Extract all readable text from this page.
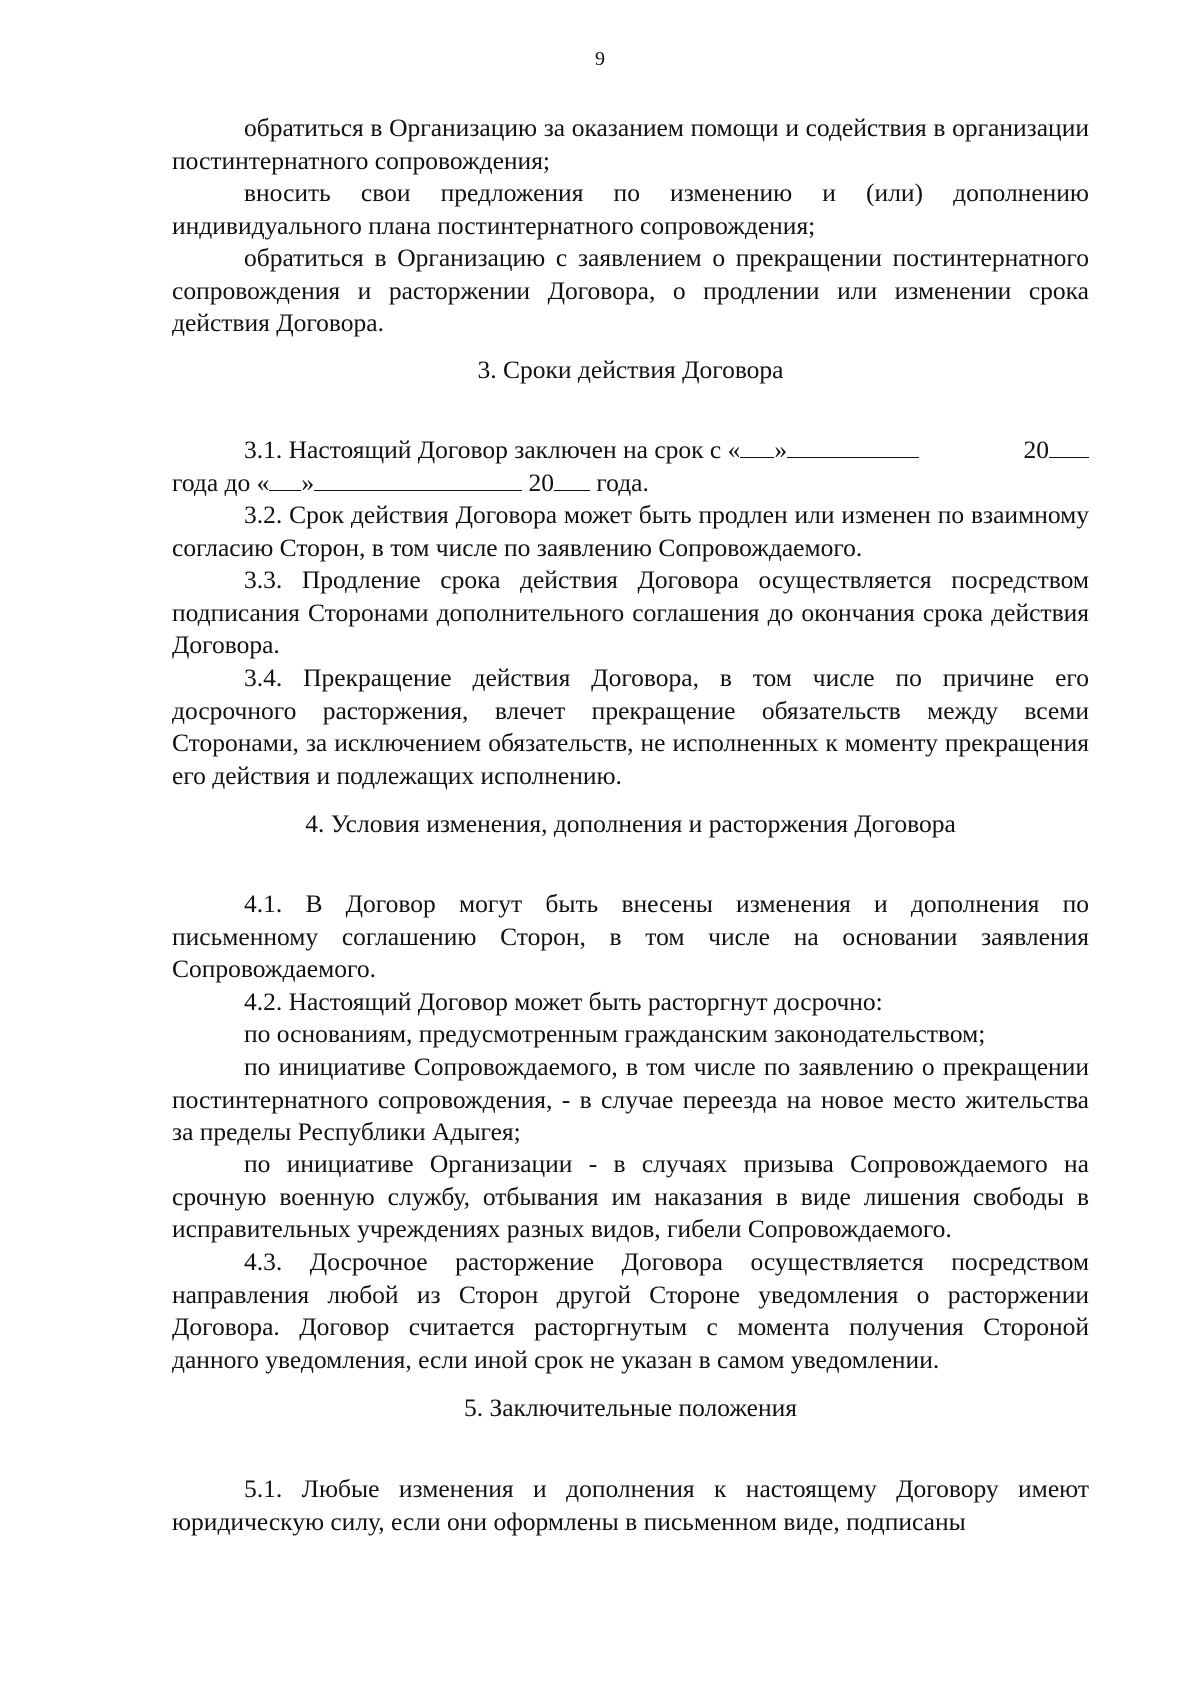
9
обратиться в Организацию за оказанием помощи и содействия в организации постинтернатного сопровождения;
вносить свои предложения по изменению и (или) дополнению индивидуального плана постинтернатного сопровождения;
обратиться в Организацию с заявлением о прекращении постинтернатного сопровождения и расторжении Договора, о продлении или изменении срока действия Договора.
3. Сроки действия Договора
3.1. Настоящий Договор заключен на срок с « »	20
года до « »	20 года.
3.2. Срок действия Договора может быть продлен или изменен по взаимному согласию Сторон, в том числе по заявлению Сопровождаемого.
3.3. Продление срока действия Договора осуществляется посредством подписания Сторонами дополнительного соглашения до окончания срока действия Договора.
3.4. Прекращение действия Договора, в том числе по причине его досрочного расторжения, влечет прекращение обязательств между всеми Сторонами, за исключением обязательств, не исполненных к моменту прекращения его действия и подлежащих исполнению.
4. Условия изменения, дополнения и расторжения Договора
4.1. В Договор могут быть внесены изменения и дополнения по письменному соглашению Сторон, в том числе на основании заявления Сопровождаемого.
4.2. Настоящий Договор может быть расторгнут досрочно:
по основаниям, предусмотренным гражданским законодательством;
по инициативе Сопровождаемого, в том числе по заявлению о прекращении постинтернатного сопровождения, - в случае переезда на новое место жительства за пределы Республики Адыгея;
по инициативе Организации - в случаях призыва Сопровождаемого на срочную военную службу, отбывания им наказания в виде лишения свободы в исправительных учреждениях разных видов, гибели Сопровождаемого.
4.3. Досрочное расторжение Договора осуществляется посредством направления любой из Сторон другой Стороне уведомления о расторжении Договора. Договор считается расторгнутым с момента получения Стороной данного уведомления, если иной срок не указан в самом уведомлении.
5. Заключительные положения
5.1. Любые изменения и дополнения к настоящему Договору имеют юридическую силу, если они оформлены в письменном виде, подписаны
